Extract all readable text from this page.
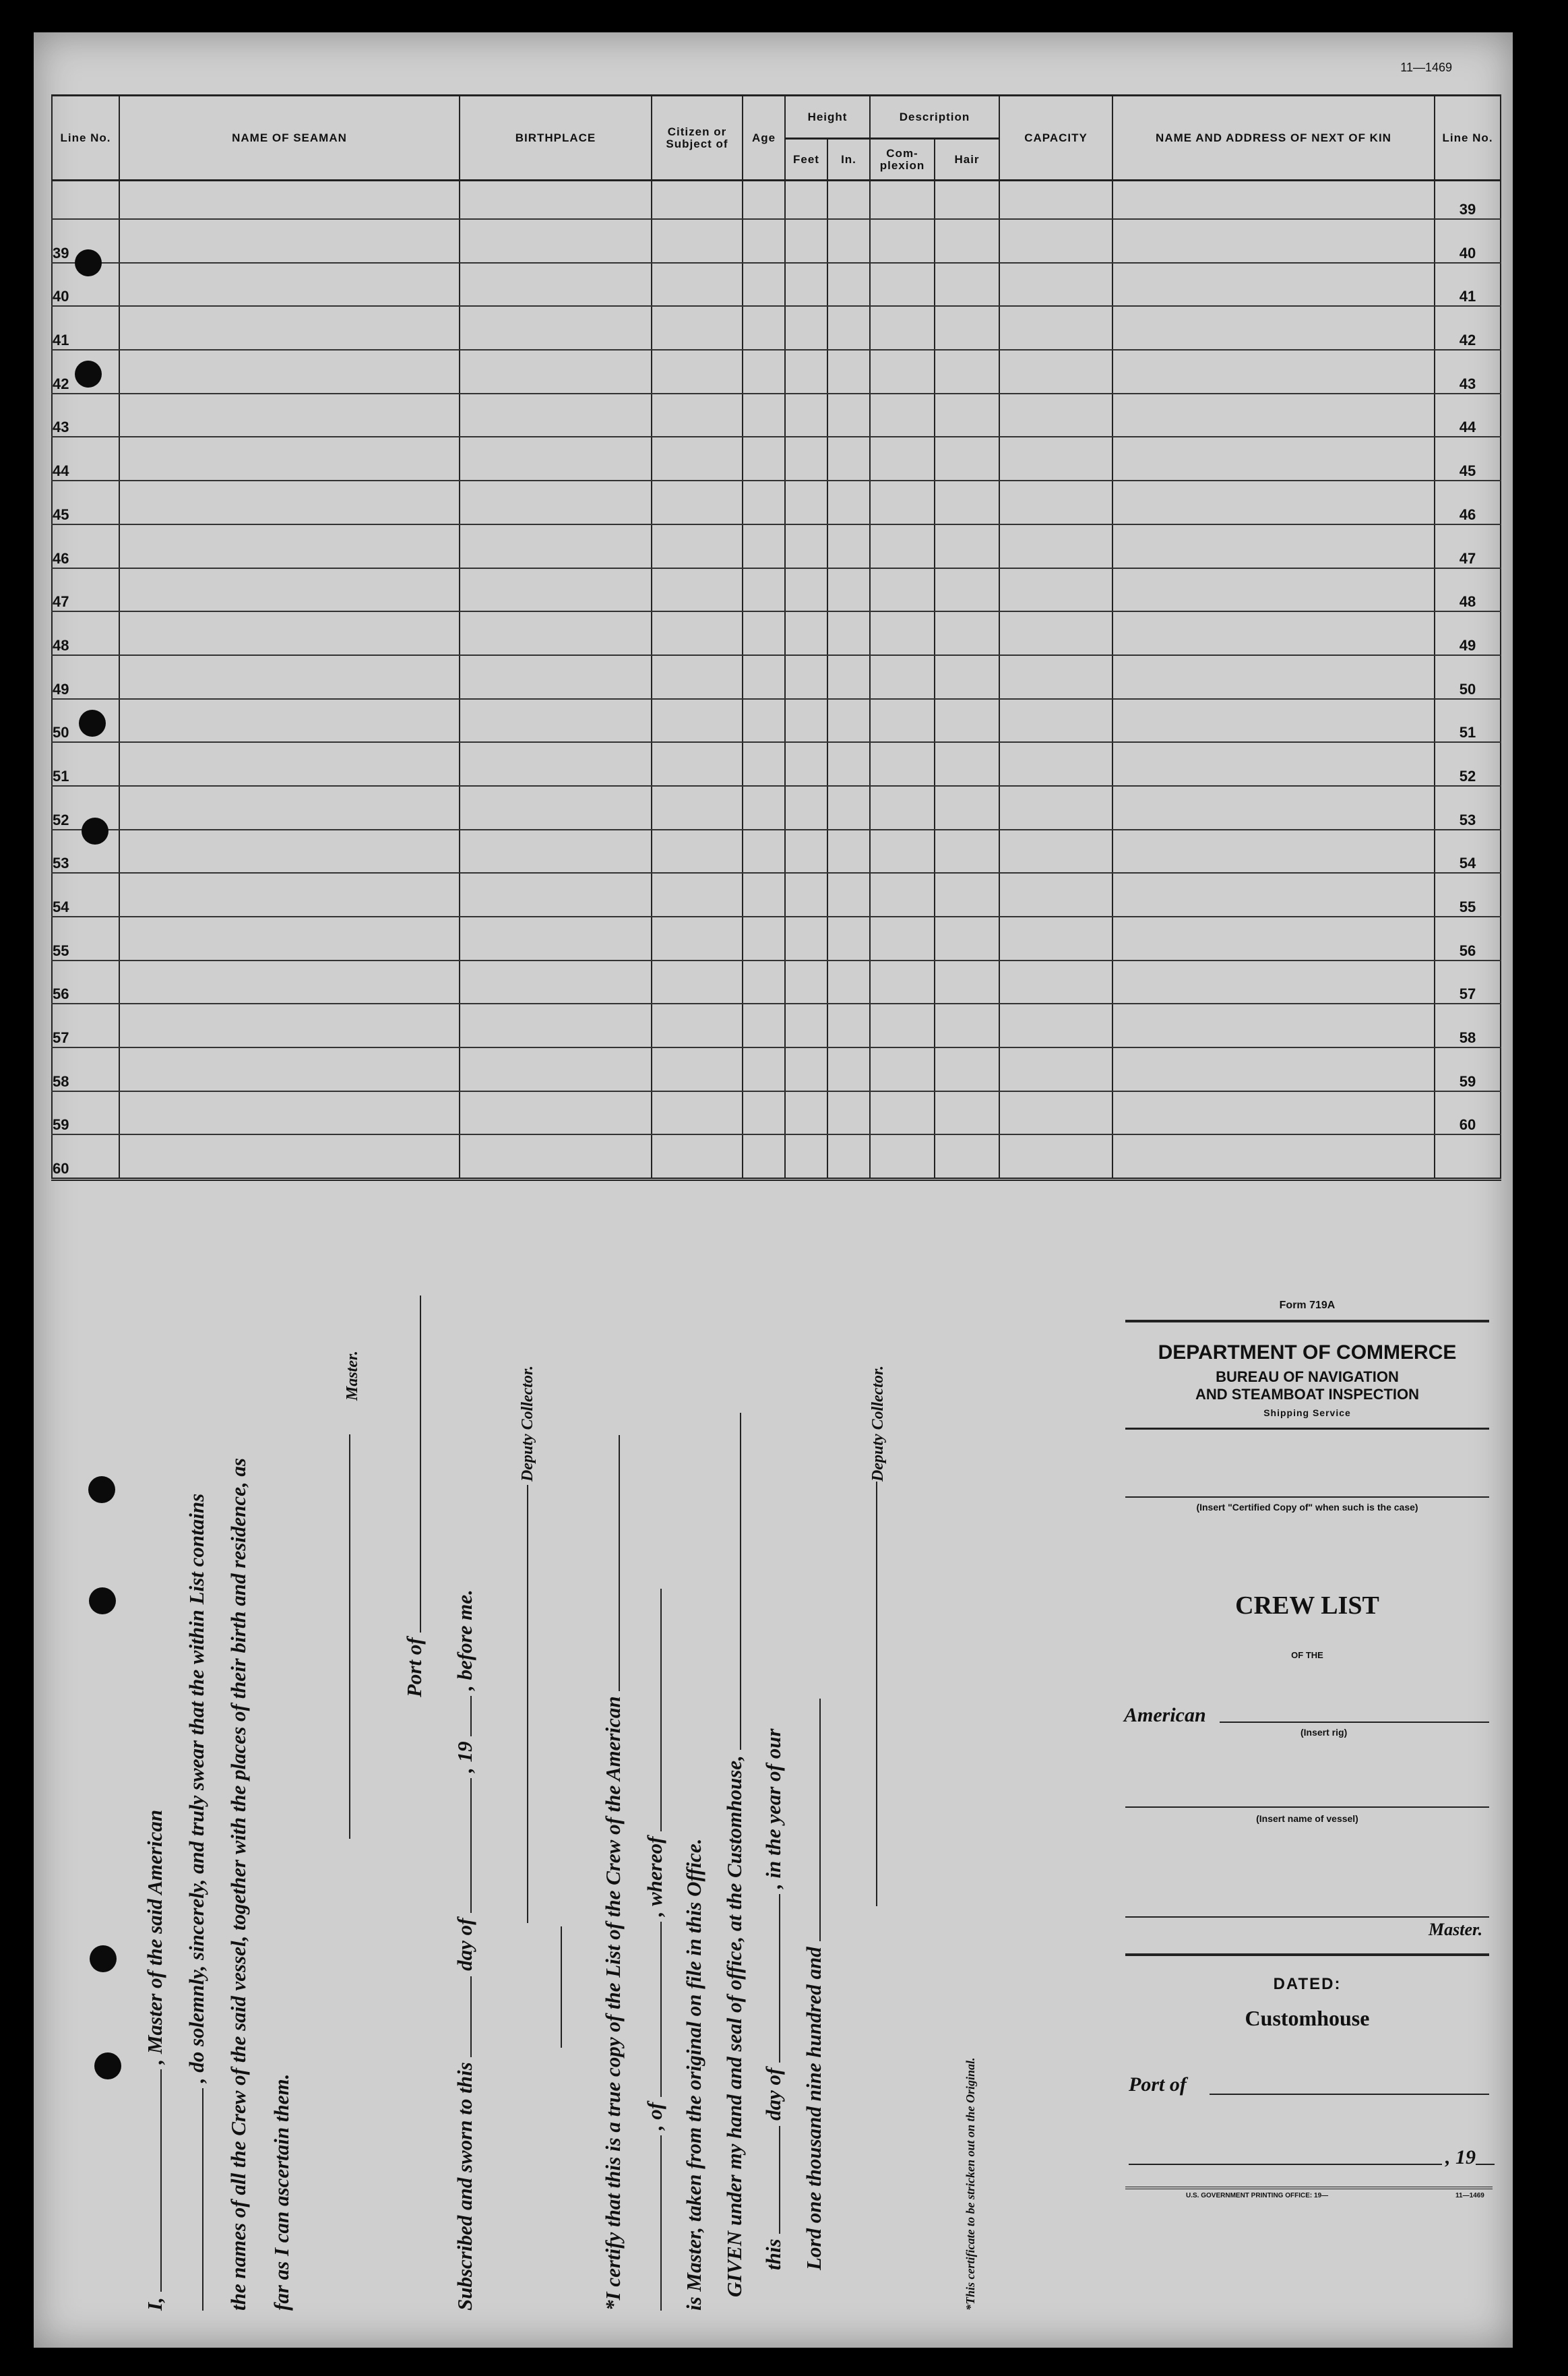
11—1469
Line No.	NAME OF SEAMAN	BIRTHPLACE	Citizen or Subject of	Age	Height		Description		CAPACITY	NAME AND ADDRESS OF NEXT OF KIN	Line No.
					Feet	In.	Com-plexion	Hair			
											39
39											40
40											41
41											42
42											43
43											44
44											45
45											46
46											47
47											48
48											49
49											50
50											51
51											52
52											53
53											54
54											55
55											56
56											57
57											58
58											59
59											60
60											
I,  , Master of the said American , do solemnly, sincerely, and truly swear that the within List contains the names of all the Crew of the said vessel, together with the places of their birth and residence, as far as I can ascertain them.
Master.
Port of
Subscribed and sworn to this  day of  , 19  , before me.
Deputy Collector.
*I certify that this is a true copy of the List of the Crew of the American , of  , whereof is Master, taken from the original on file in this Office. GIVEN under my hand and seal of office, at the Customhouse, this  day of  , in the year of our
Lord one thousand nine hundred and
Deputy Collector.
*This certificate to be stricken out on the Original.
Form 719A
DEPARTMENT OF COMMERCE
BUREAU OF NAVIGATION
AND STEAMBOAT INSPECTION
Shipping Service
(Insert "Certified Copy of" when such is the case)
CREW LIST
OF THE
American
(Insert rig)
(Insert name of vessel)
Master.
DATED:
Customhouse
Port of
, 19
U.S. GOVERNMENT PRINTING OFFICE: 19—	11—1469
